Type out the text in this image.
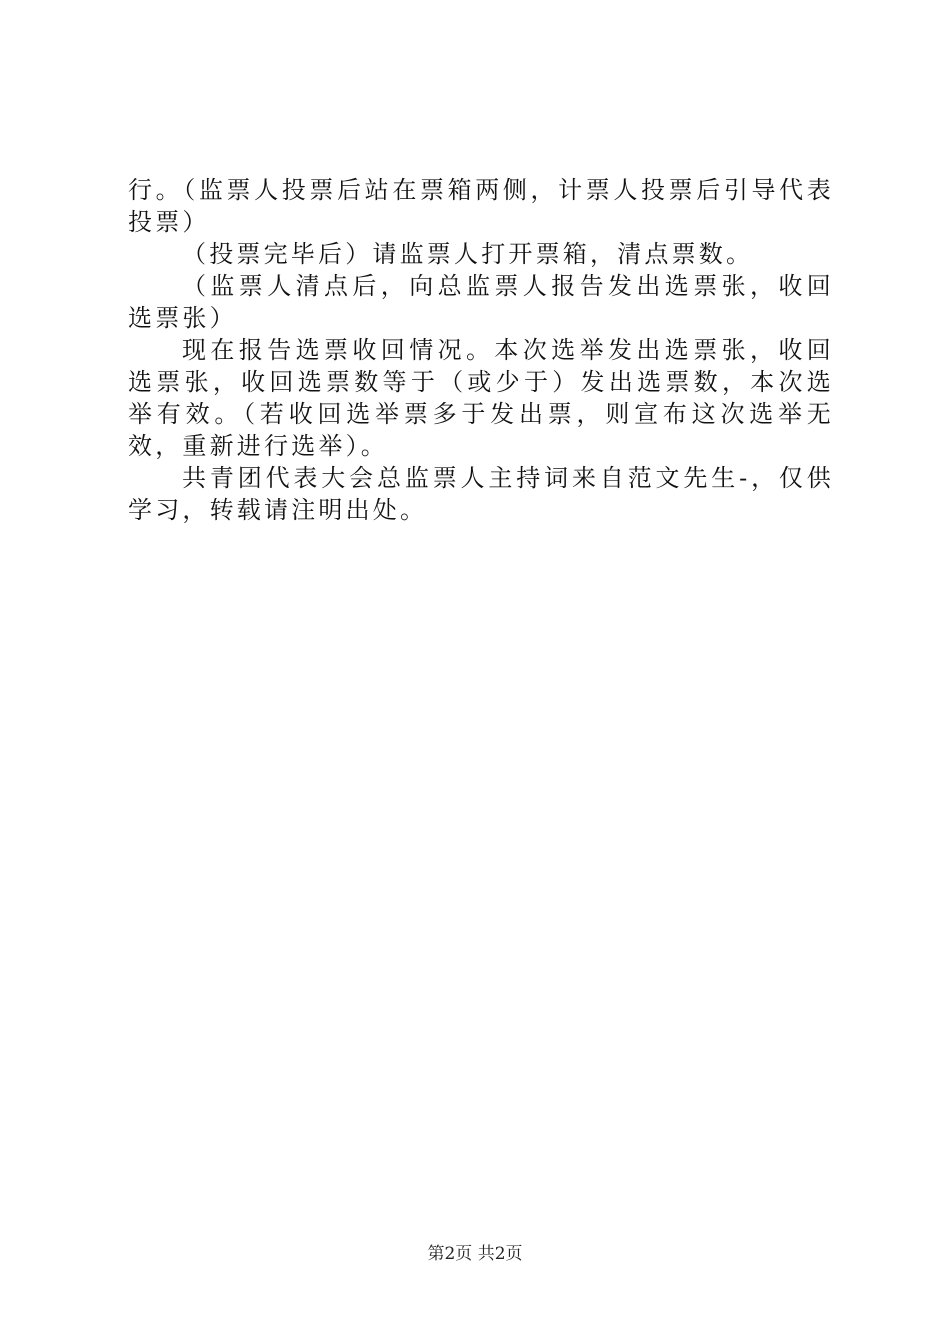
行。（监票人投票后站在票箱两侧，计票人投票后引导代表投票）

（投票完毕后）请监票人打开票箱，清点票数。

（监票人清点后，向总监票人报告发出选票张，收回选票张）

现在报告选票收回情况。本次选举发出选票张，收回选票张，收回选票数等于（或少于）发出选票数，本次选举有效。（若收回选举票多于发出票，则宣布这次选举无效，重新进行选举）。

共青团代表大会总监票人主持词来自范文先生-，仅供学习，转载请注明出处。

第2页 共2页
